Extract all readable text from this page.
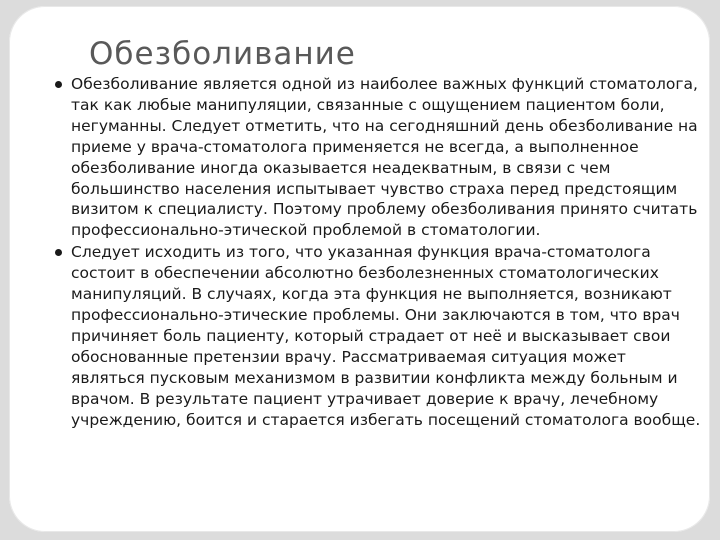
Обезболивание
Обезболивание является одной из наиболее важных функций стоматолога, так как любые манипуляции, связанные с ощущением пациентом боли, негуманны. Следует отметить, что на сегодняшний день обезболивание на приеме у врача-стоматолога применяется не всегда, а выполненное обезболивание иногда оказывается неадекватным, в связи с чем большинство населения испытывает чувство страха перед предстоящим визитом к специалисту. Поэтому проблему обезболивания принято считать профессионально-этической проблемой в стоматологии.
Следует исходить из того, что указанная функция врача-стоматолога состоит в обеспечении абсолютно безболезненных стоматологических манипуляций. В случаях, когда эта функция не выполняется, возникают профессионально-этические проблемы. Они заключаются в том, что врач причиняет боль пациенту, который страдает от неё и высказывает свои обоснованные претензии врачу. Рассматриваемая ситуация может являться пусковым механизмом в развитии конфликта между больным и врачом. В результате пациент утрачивает доверие к врачу, лечебному учреждению, боится и старается избегать посещений стоматолога вообще.
